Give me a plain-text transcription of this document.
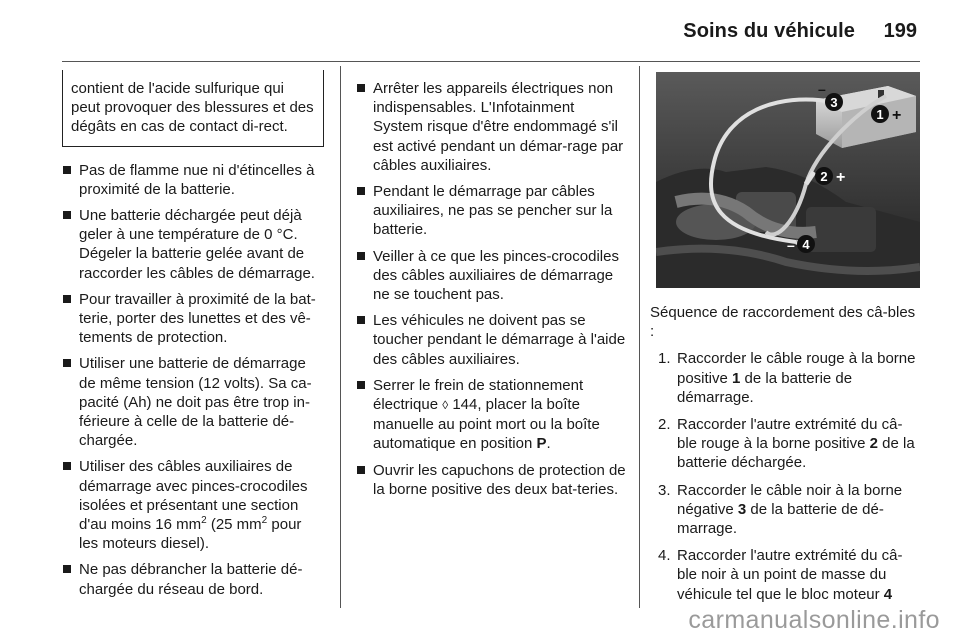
Soins du véhicule 199
contient de l'acide sulfurique qui peut provoquer des blessures et des dégâts en cas de contact di-rect.
Pas de flamme nue ni d'étincelles à proximité de la batterie.
Une batterie déchargée peut déjà geler à une température de 0 °C. Dégeler la batterie gelée avant de raccorder les câbles de démarrage.
Pour travailler à proximité de la bat-terie, porter des lunettes et des vê-tements de protection.
Utiliser une batterie de démarrage de même tension (12 volts). Sa ca-pacité (Ah) ne doit pas être trop in-férieure à celle de la batterie dé-chargée.
Utiliser des câbles auxiliaires de démarrage avec pinces-crocodiles isolées et présentant une section d'au moins 16 $mm^2$ (25 $mm^2$ pour les moteurs diesel).
Ne pas débrancher la batterie dé-chargée du réseau de bord.
Arrêter les appareils électriques non indispensables. L'Infotainment System risque d'être endommagé s'il est activé pendant un démar-rage par câbles auxiliaires.
Pendant le démarrage par câbles auxiliaires, ne pas se pencher sur la batterie.
Veiller à ce que les pinces-crocodiles des câbles auxiliaires de démarrage ne se touchent pas.
Les véhicules ne doivent pas se toucher pendant le démarrage à l'aide des câbles auxiliaires.
Serrer le frein de stationnement électrique ◊ 144, placer la boîte manuelle au point mort ou la boîte automatique en position P.
Ouvrir les capuchons de protection de la borne positive des deux bat-teries.
–
3
1 +
2 +
– 4
Séquence de raccordement des câ-bles :
1. Raccorder le câble rouge à la borne positive 1 de la batterie de démarrage.
2. Raccorder l'autre extrémité du câ-ble rouge à la borne positive 2 de la batterie déchargée.
3. Raccorder le câble noir à la borne négative 3 de la batterie de dé-marrage.
4. Raccorder l'autre extrémité du câ-ble noir à un point de masse du véhicule tel que le bloc moteur 4
carmanualsonline.info
